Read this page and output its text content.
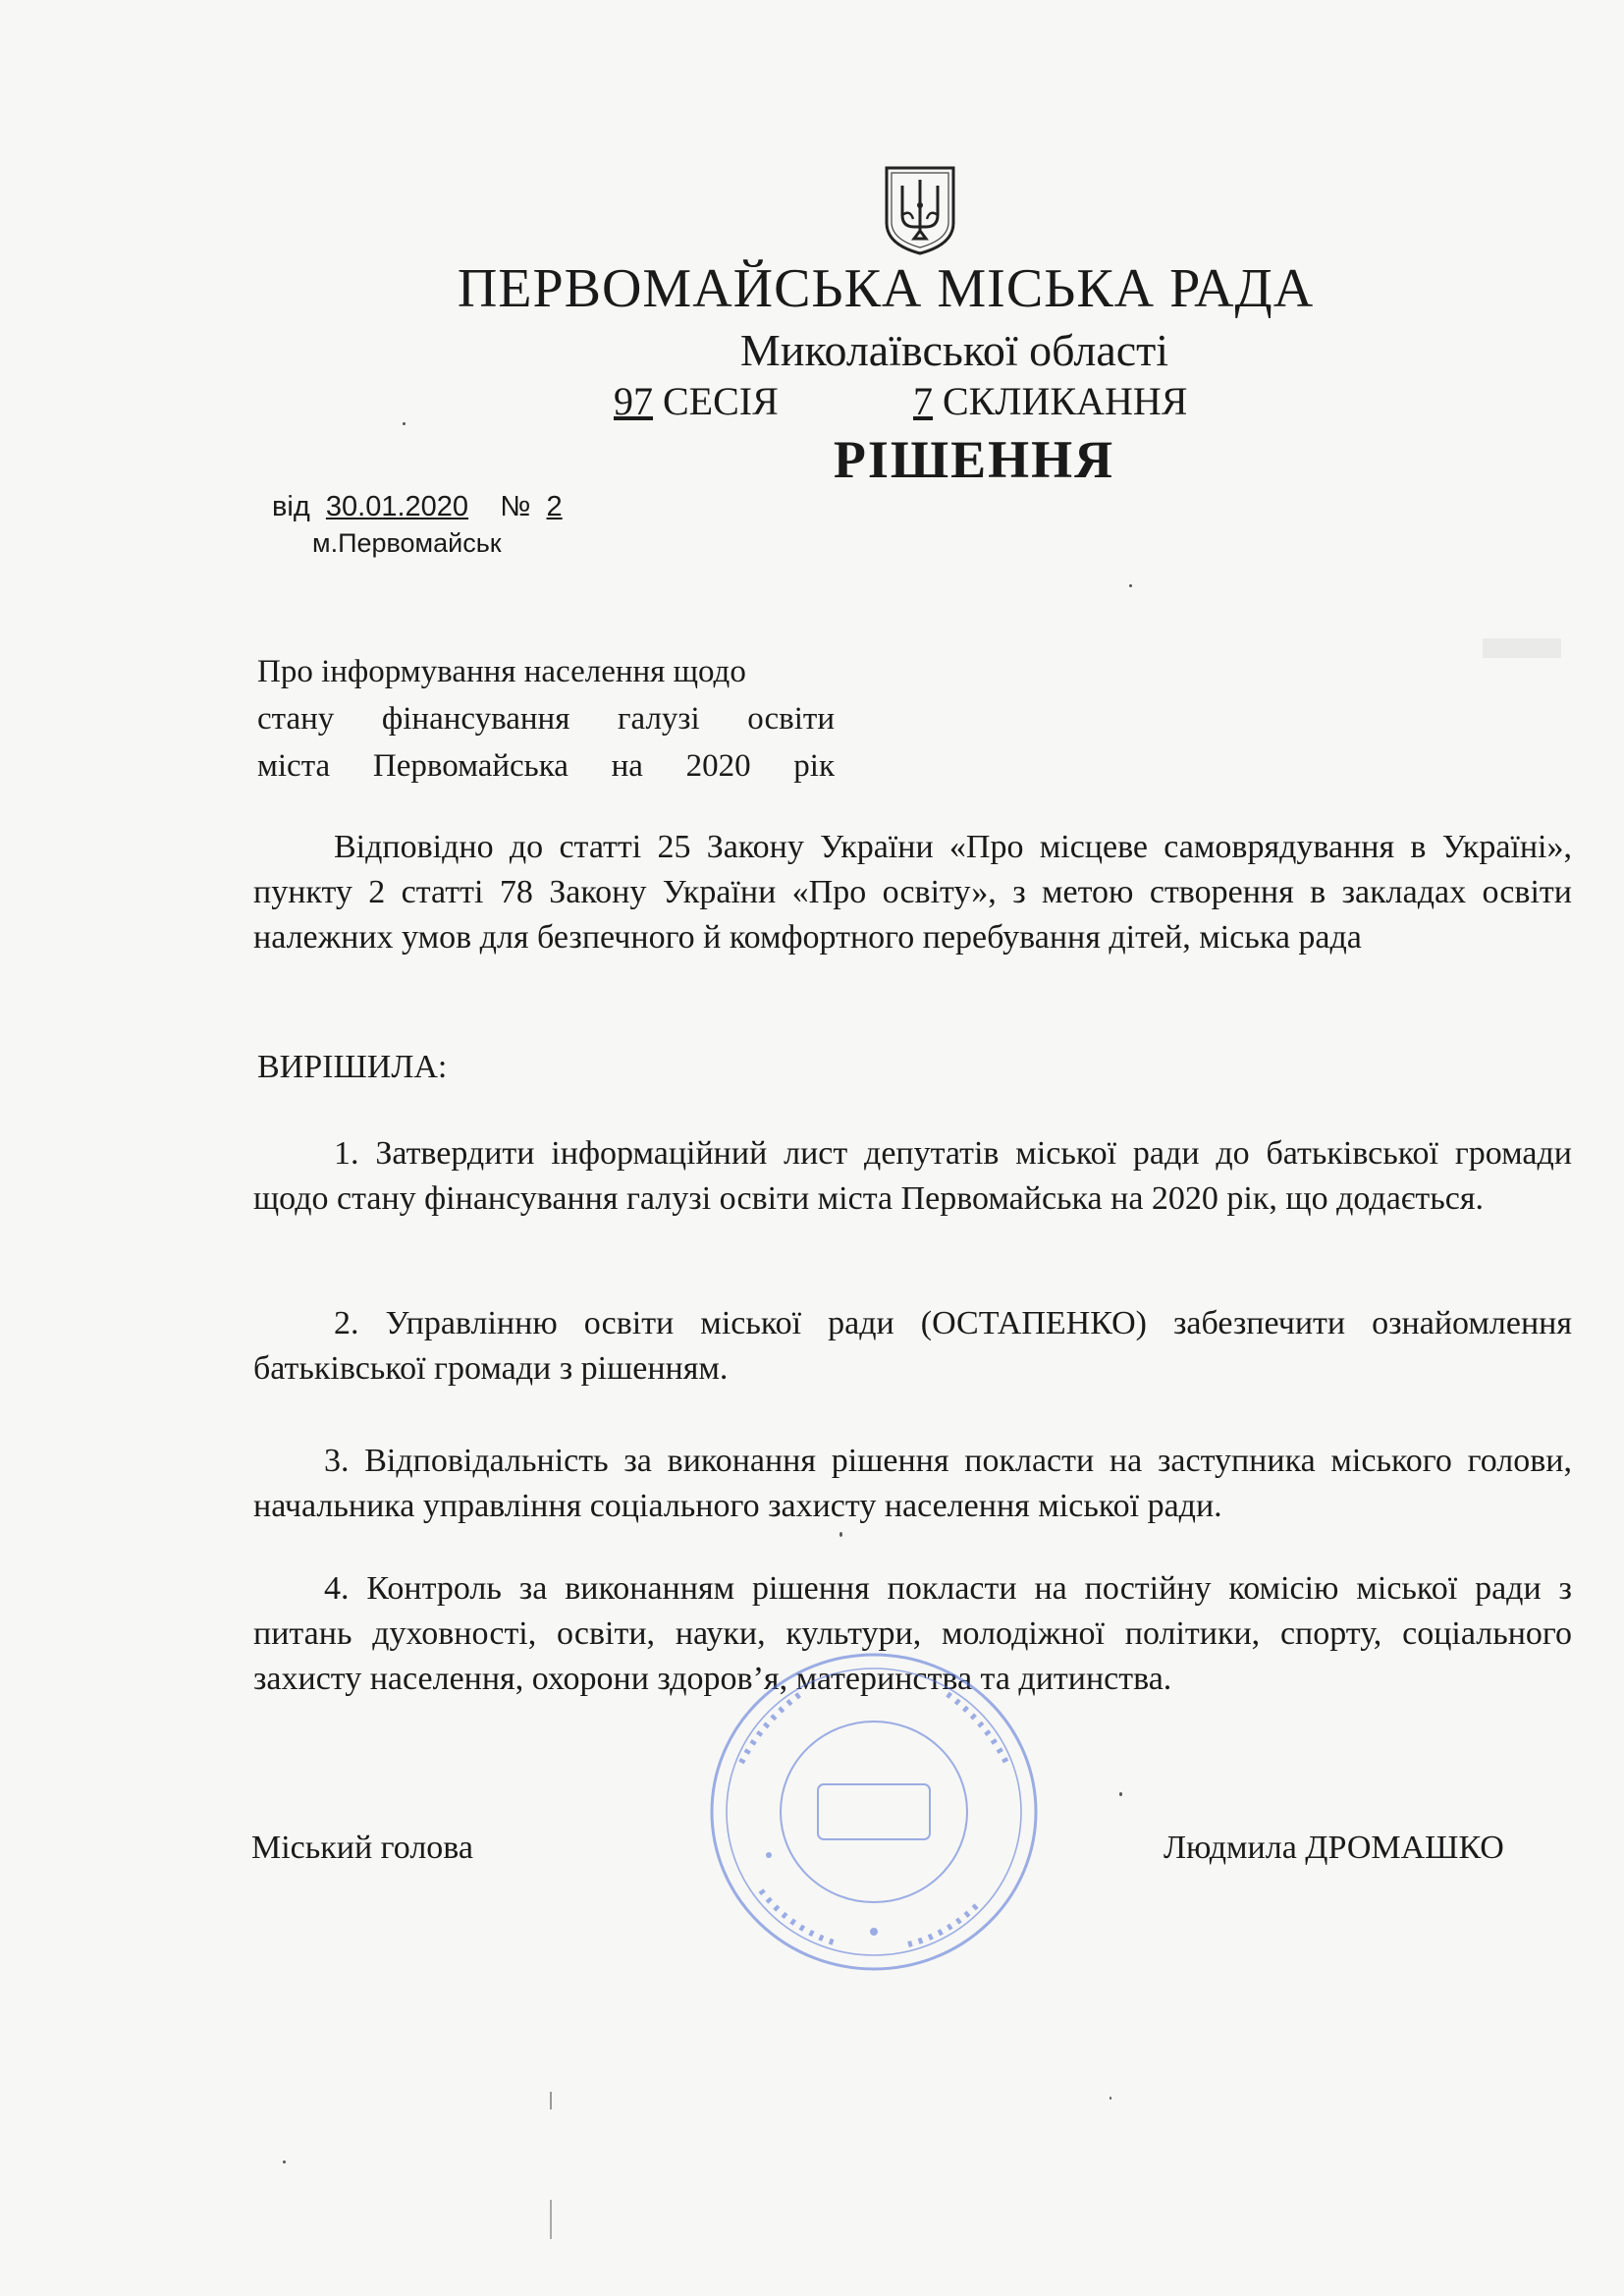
ПЕРВОМАЙСЬКА МІСЬКА РАДА
Миколаївської області
97 СЕСІЯ	7 СКЛИКАННЯ
РІШЕННЯ
від 30.01.2020 № 2
м.Первомайськ
Про інформування населення щодо
стану фінансування галузі освіти
міста Первомайська на 2020 рік
Відповідно до статті 25 Закону України «Про місцеве самоврядування в Україні», пункту 2 статті 78 Закону України «Про освіту», з метою створення в закладах освіти належних умов для безпечного й комфортного перебування дітей, міська рада
ВИРІШИЛА:
1. Затвердити інформаційний лист депутатів міської ради до батьківської громади щодо стану фінансування галузі освіти міста Первомайська на 2020 рік, що додається.
2. Управлінню освіти міської ради (ОСТАПЕНКО) забезпечити ознайомлення батьківської громади з рішенням.
3. Відповідальність за виконання рішення покласти на заступника міського голови, начальника управління соціального захисту населення міської ради.
4. Контроль за виконанням рішення покласти на постійну комісію міської ради з питань духовності, освіти, науки, культури, молодіжної політики, спорту, соціального захисту населення, охорони здоров’я, материнства та дитинства.
Міський голова	Людмила ДРОМАШКО
